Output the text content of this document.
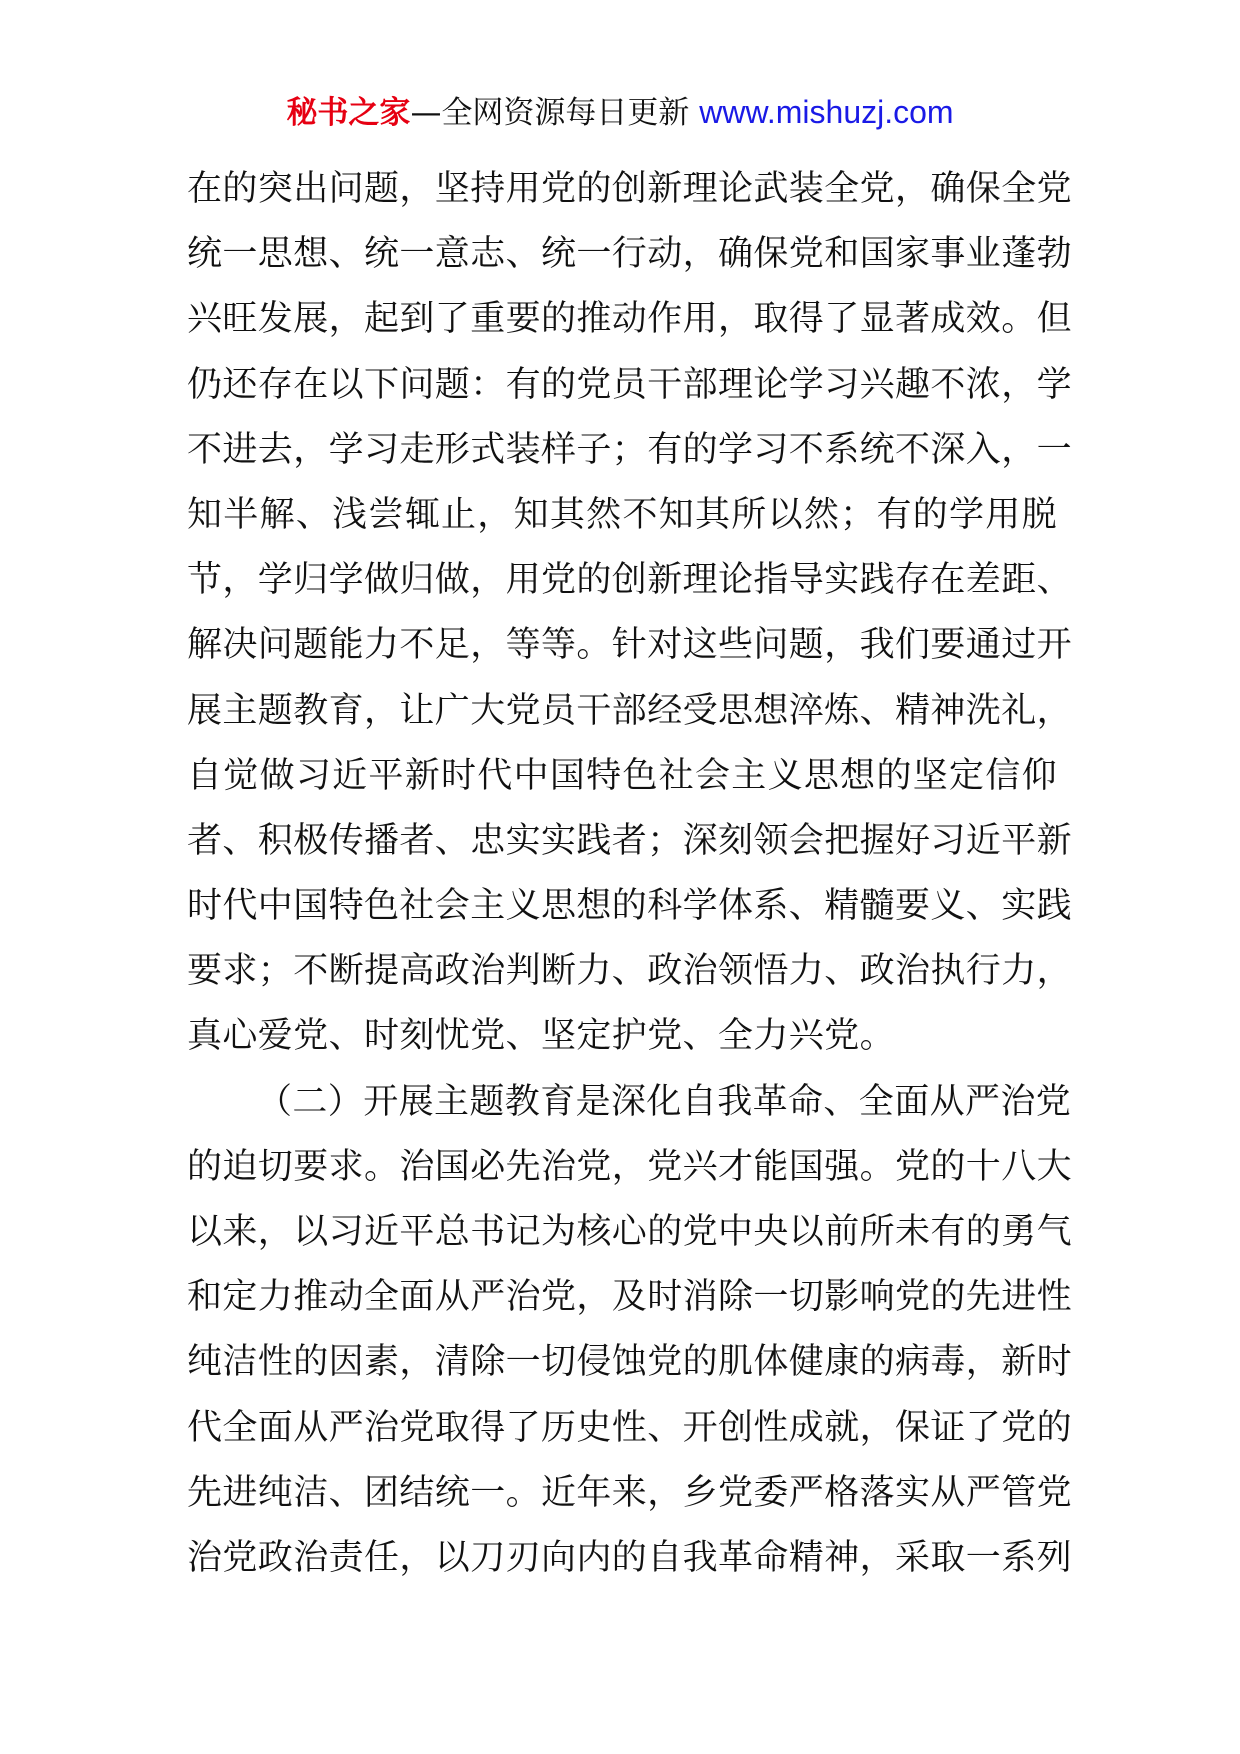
秘书之家—全网资源每日更新 www.mishuzj.com
在的突出问题，坚持用党的创新理论武装全党，确保全党
统一思想、统一意志、统一行动，确保党和国家事业蓬勃
兴旺发展，起到了重要的推动作用，取得了显著成效。但
仍还存在以下问题：有的党员干部理论学习兴趣不浓，学
不进去，学习走形式装样子；有的学习不系统不深入，一
知半解、浅尝辄止，知其然不知其所以然；有的学用脱
节，学归学做归做，用党的创新理论指导实践存在差距、
解决问题能力不足，等等。针对这些问题，我们要通过开
展主题教育，让广大党员干部经受思想淬炼、精神洗礼，
自觉做习近平新时代中国特色社会主义思想的坚定信仰
者、积极传播者、忠实实践者；深刻领会把握好习近平新
时代中国特色社会主义思想的科学体系、精髓要义、实践
要求；不断提高政治判断力、政治领悟力、政治执行力，
真心爱党、时刻忧党、坚定护党、全力兴党。
（二）开展主题教育是深化自我革命、全面从严治党
的迫切要求。治国必先治党，党兴才能国强。党的十八大
以来，以习近平总书记为核心的党中央以前所未有的勇气
和定力推动全面从严治党，及时消除一切影响党的先进性
纯洁性的因素，清除一切侵蚀党的肌体健康的病毒，新时
代全面从严治党取得了历史性、开创性成就，保证了党的
先进纯洁、团结统一。近年来，乡党委严格落实从严管党
治党政治责任，以刀刃向内的自我革命精神，采取一系列
